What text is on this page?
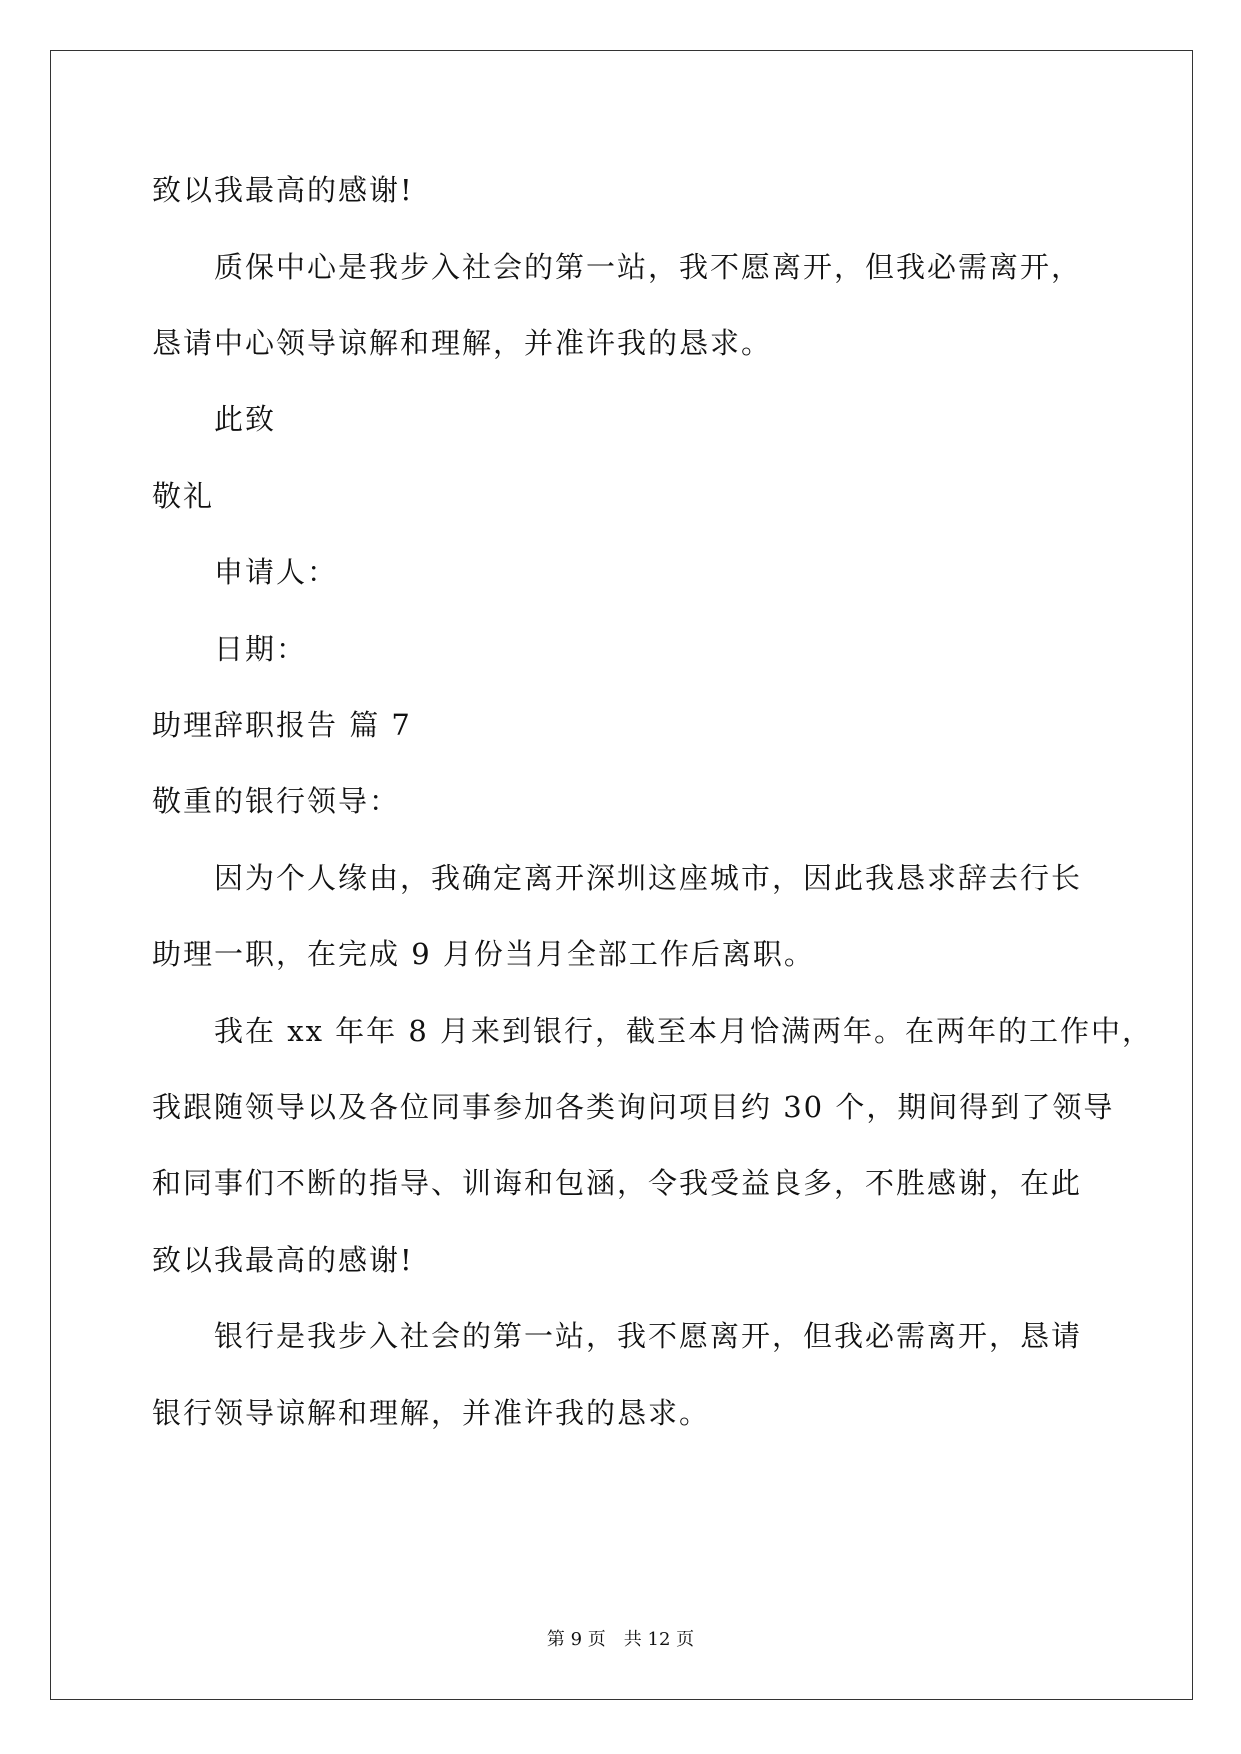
致以我最高的感谢!
质保中心是我步入社会的第一站，我不愿离开，但我必需离开，
恳请中心领导谅解和理解，并准许我的恳求。
此致
敬礼
申请人：
日期：
助理辞职报告 篇 7
敬重的银行领导：
因为个人缘由，我确定离开深圳这座城市，因此我恳求辞去行长
助理一职，在完成 9 月份当月全部工作后离职。
我在 xx 年年 8 月来到银行，截至本月恰满两年。在两年的工作中，
我跟随领导以及各位同事参加各类询问项目约 30 个，期间得到了领导
和同事们不断的指导、训诲和包涵，令我受益良多，不胜感谢，在此
致以我最高的感谢!
银行是我步入社会的第一站，我不愿离开，但我必需离开，恳请
银行领导谅解和理解，并准许我的恳求。
第 9 页　共 12 页
